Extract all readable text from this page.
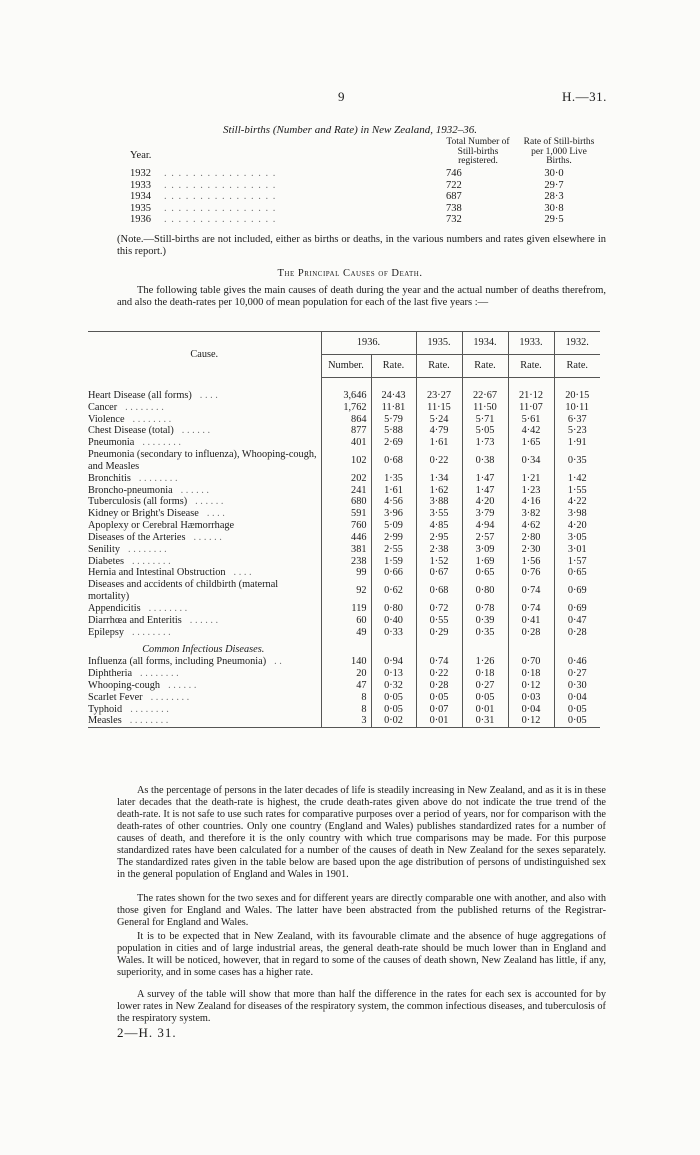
9	H.—31.
Still-births (Number and Rate) in New Zealand, 1932–36.
Year.
Total Number of Still-births registered.
Rate of Still-births per 1,000 Live Births.
1932 . . . . . . . . . . . . . . . .	746	30·0
1933 . . . . . . . . . . . . . . . .	722	29·7
1934 . . . . . . . . . . . . . . . .	687	28·3
1935 . . . . . . . . . . . . . . . .	738	30·8
1936 . . . . . . . . . . . . . . . .	732	29·5
(Note.—Still-births are not included, either as births or deaths, in the various numbers and rates given elsewhere in this report.)
The Principal Causes of Death.
The following table gives the main causes of death during the year and the actual number of deaths therefrom, and also the death-rates per 10,000 of mean population for each of the last five years :—
Cause.	1936.		1935.	1934.	1933.	1932.
	Number.	Rate.	Rate.	Rate.	Rate.	Rate.

Heart Disease (all forms) . . . .	3,646	24·43	23·27	22·67	21·12	20·15
Cancer . . . . . . . .	1,762	11·81	11·15	11·50	11·07	10·11
Violence . . . . . . . .	864	5·79	5·24	5·71	5·61	6·37
Chest Disease (total) . . . . . .	877	5·88	4·79	5·05	4·42	5·23
Pneumonia . . . . . . . .	401	2·69	1·61	1·73	1·65	1·91
Pneumonia (secondary to influenza), Whooping-cough, and Measles	102	0·68	0·22	0·38	0·34	0·35
Bronchitis . . . . . . . .	202	1·35	1·34	1·47	1·21	1·42
Broncho-pneumonia . . . . . .	241	1·61	1·62	1·47	1·23	1·55
Tuberculosis (all forms) . . . . . .	680	4·56	3·88	4·20	4·16	4·22
Kidney or Bright's Disease . . . .	591	3·96	3·55	3·79	3·82	3·98
Apoplexy or Cerebral Hæmorrhage	760	5·09	4·85	4·94	4·62	4·20
Diseases of the Arteries . . . . . .	446	2·99	2·95	2·57	2·80	3·05
Senility . . . . . . . .	381	2·55	2·38	3·09	2·30	3·01
Diabetes . . . . . . . .	238	1·59	1·52	1·69	1·56	1·57
Hernia and Intestinal Obstruction . . . .	99	0·66	0·67	0·65	0·76	0·65
Diseases and accidents of childbirth (maternal mortality)	92	0·62	0·68	0·80	0·74	0·69
Appendicitis . . . . . . . .	119	0·80	0·72	0·78	0·74	0·69
Diarrhœa and Enteritis . . . . . .	60	0·40	0·55	0·39	0·41	0·47
Epilepsy . . . . . . . .	49	0·33	0·29	0·35	0·28	0·28

Common Infectious Diseases.						
Influenza (all forms, including Pneumonia) . .	140	0·94	0·74	1·26	0·70	0·46
Diphtheria . . . . . . . .	20	0·13	0·22	0·18	0·18	0·27
Whooping-cough . . . . . .	47	0·32	0·28	0·27	0·12	0·30
Scarlet Fever . . . . . . . .	8	0·05	0·05	0·05	0·03	0·04
Typhoid . . . . . . . .	8	0·05	0·07	0·01	0·04	0·05
Measles . . . . . . . .	3	0·02	0·01	0·31	0·12	0·05
As the percentage of persons in the later decades of life is steadily increasing in New Zealand, and as it is in these later decades that the death-rate is highest, the crude death-rates given above do not indicate the true trend of the death-rate. It is not safe to use such rates for comparative purposes over a period of years, nor for comparison with the death-rates of other countries. Only one country (England and Wales) publishes standardized rates for a number of causes of death, and therefore it is the only country with which true comparisons may be made. For this purpose standardized rates have been calculated for a number of the causes of death in New Zealand for the sexes separately. The standardized rates given in the table below are based upon the age distribution of persons of undistinguished sex in the general population of England and Wales in 1901.
The rates shown for the two sexes and for different years are directly comparable one with another, and also with those given for England and Wales. The latter have been abstracted from the published returns of the Registrar-General for England and Wales.
It is to be expected that in New Zealand, with its favourable climate and the absence of huge aggregations of population in cities and of large industrial areas, the general death-rate should be much lower than in England and Wales. It will be noticed, however, that in regard to some of the causes of death shown, New Zealand has little, if any, superiority, and in some cases has a higher rate.
A survey of the table will show that more than half the difference in the rates for each sex is accounted for by lower rates in New Zealand for diseases of the respiratory system, the common infectious diseases, and tuberculosis of the respiratory system.
2—H. 31.
